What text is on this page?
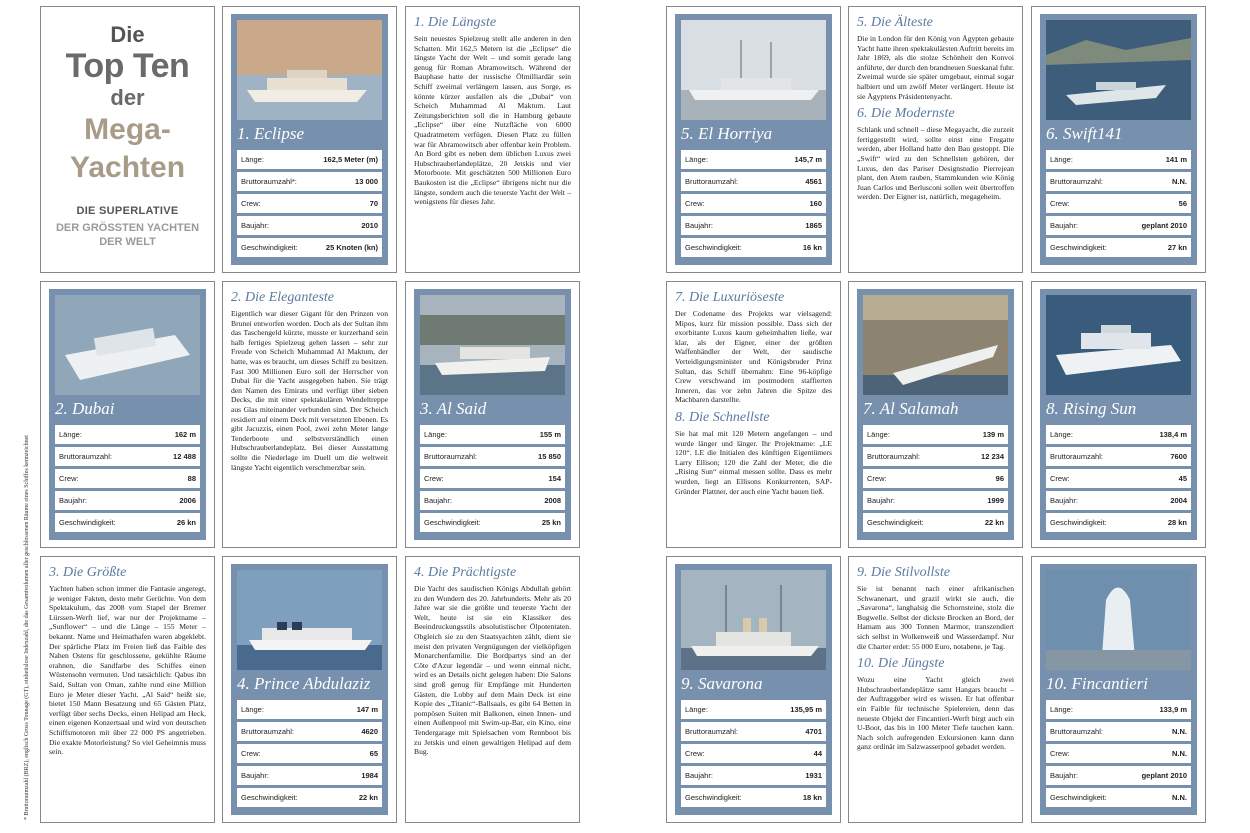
Die
Top Ten
der
Mega-
Yachten
DIE SUPERLATIVE
DER GRÖSSTEN YACHTEN
DER WELT
1. Eclipse
Länge:	162,5 Meter (m)
Bruttoraumzahl*:	13 000
Crew:	70
Baujahr:	2010
Geschwindigkeit:	25 Knoten (kn)
1. Die Längste
Sein neuestes Spielzeug stellt alle anderen in den Schatten. Mit 162,5 Metern ist die „Eclipse“ die längste Yacht der Welt – und somit gerade lang genug für Roman Abramowitsch. Während der Bauphase hatte der russische Ölmilliardär sein Schiff zweimal verlängern lassen, aus Sorge, es könnte kürzer ausfallen als die „Dubai“ von Scheich Muhammad Al Maktum. Laut Zeitungsberichten soll die in Hamburg gebaute „Eclipse“ über eine Nutzfläche von 6000 Quadratmetern verfügen. Diesen Platz zu füllen war für Abramowitsch aber offenbar kein Problem. An Bord gibt es neben dem üblichen Luxus zwei Hubschrauberlandeplätze, 20 Jetskis und vier Motorboote. Mit geschätzten 500 Millionen Euro Baukosten ist die „Eclipse“ übrigens nicht nur die längste, sondern auch die teuerste Yacht der Welt – wenigstens für dieses Jahr.
5. El Horriya
Länge:	145,7 m
Bruttoraumzahl:	4561
Crew:	160
Baujahr:	1865
Geschwindigkeit:	16 kn
5. Die Älteste
Die in London für den König von Ägypten gebaute Yacht hatte ihren spektakulärsten Auftritt bereits im Jahr 1869, als die stolze Schönheit den Konvoi anführte, der durch den brandneuen Sueskanal fuhr. Zweimal wurde sie später umgebaut, einmal sogar halbiert und um zwölf Meter verlängert. Heute ist sie Ägyptens Präsidentenyacht.
6. Die Modernste
Schlank und schnell – diese Megayacht, die zurzeit fertiggestellt wird, sollte einst eine Fregatte werden, aber Holland hatte den Bau gestoppt. Die „Swift“ wird zu den Schnellsten gehören, der Luxus, den das Pariser Designstudio Pierrejean plant, den Atem rauben, Stammkunden wie König Juan Carlos und Berlusconi sollen weit übertroffen werden. Der Eigner ist, natürlich, megageheim.
6. Swift141
Länge:	141 m
Bruttoraumzahl:	N.N.
Crew:	56
Baujahr:	geplant 2010
Geschwindigkeit:	27 kn
2. Dubai
Länge:	162 m
Bruttoraumzahl:	12 488
Crew:	88
Baujahr:	2006
Geschwindigkeit:	26 kn
2. Die Eleganteste
Eigentlich war dieser Gigant für den Prinzen von Brunei entworfen worden. Doch als der Sultan ihm das Taschengeld kürzte, musste er kurzerhand sein halb fertiges Spielzeug gehen lassen – sehr zur Freude von Scheich Muhammad Al Maktum, der hatte, was es braucht, um dieses Schiff zu besitzen. Fast 300 Millionen Euro soll der Herrscher von Dubai für die Yacht ausgegeben haben. Sie trägt den Namen des Emirats und verfügt über sieben Decks, die mit einer spektakulären Wendeltreppe aus Glas miteinander verbunden sind. Der Scheich residiert auf einem Deck mit versetzten Ebenen. Es gibt Jacuzzis, einen Pool, zwei zehn Meter lange Tenderboote und selbstverständlich einen Hubschrauberlandeplatz. Bei dieser Ausstattung sollte die Niederlage im Duell um die weltweit längste Yacht eigentlich verschmerzbar sein.
3. Al Said
Länge:	155 m
Bruttoraumzahl:	15 850
Crew:	154
Baujahr:	2008
Geschwindigkeit:	25 kn
7. Die Luxuriöseste
Der Codename des Projekts war vielsagend: Mipos, kurz für mission possible. Dass sich der exorbitante Luxus kaum geheimhalten ließe, war klar, als der Eigner, einer der größten Waffenhändler der Welt, der saudische Verteidigungsminister und Königsbruder Prinz Sultan, das Schiff übernahm: Eine 96-köpfige Crew verschwand im postmodern staffierten Inneren, das vor zehn Jahren die Spitze des Machbaren darstellte.
8. Die Schnellste
Sie hat mal mit 120 Metern angefangen – und wurde länger und länger. Ihr Projektname: „LE 120“. LE die Initialen des künftigen Eigentümers Larry Ellison; 120 die Zahl der Meter, die die „Rising Sun“ einmal messen sollte. Dass es mehr wurden, liegt an Ellisons Konkurrenten, SAP-Gründer Plattner, der auch eine Yacht bauen ließ.
7. Al Salamah
Länge:	139 m
Bruttoraumzahl:	12 234
Crew:	96
Baujahr:	1999
Geschwindigkeit:	22 kn
8. Rising Sun
Länge:	138,4 m
Bruttoraumzahl:	7600
Crew:	45
Baujahr:	2004
Geschwindigkeit:	28 kn
3. Die Größte
Yachten haben schon immer die Fantasie angeregt, je weniger Fakten, desto mehr Gerüchte. Von dem Spektakulum, das 2008 vom Stapel der Bremer Lürssen-Werft lief, war nur der Projektname – „Sunflower“ – und die Länge – 155 Meter – bekannt. Name und Heimathafen waren abgeklebt. Der spärliche Platz im Freien ließ das Faible des Nahen Ostens für geschlossene, gekühlte Räume erahnen, die Sandfarbe des Schiffes einen Wüstensohn vermuten. Und tatsächlich: Qabus ibn Said, Sultan von Oman, zahlte rund eine Million Euro je Meter dieser Yacht. „Al Said“ heißt sie, bietet 150 Mann Besatzung und 65 Gästen Platz, verfügt über sechs Decks, einen Helipad am Heck, einen eigenen Konzertsaal und wird von deutschen Schiffsmotoren mit über 22 000 PS angetrieben. Die exakte Motorleistung? So viel Geheimnis muss sein.
4. Prince Abdulaziz
Länge:	147 m
Bruttoraumzahl:	4620
Crew:	65
Baujahr:	1984
Geschwindigkeit:	22 kn
4. Die Prächtigste
Die Yacht des saudischen Königs Abdullah gehört zu den Wundern des 20. Jahrhunderts. Mehr als 20 Jahre war sie die größte und teuerste Yacht der Welt, heute ist sie ein Klassiker des Beeindruckungsstils absolutistischer Ölpotentaten. Obgleich sie zu den Staatsyachten zählt, dient sie meist den privaten Vergnügungen der vielköpfigen Monarchenfamilie. Die Bordpartys sind an der Côte d'Azur legendär – und wenn einmal nicht, wird es an Details nicht gelegen haben: Die Salons sind groß genug für Empfänge mit Hunderten Gästen, die Lobby auf dem Main Deck ist eine Kopie des „Titanic“-Ballsaals, es gibt 64 Betten in pompösen Suiten mit Balkonen, einen Innen- und einen Außenpool mit Swim-up-Bar, ein Kino, eine Tendergarage mit Spielsachen vom Rennboot bis zu Jetskis und einen gewaltigen Helipad auf dem Bug.
9. Savarona
Länge:	135,95 m
Bruttoraumzahl:	4701
Crew:	44
Baujahr:	1931
Geschwindigkeit:	18 kn
9. Die Stilvollste
Sie ist benannt nach einer afrikanischen Schwanenart, und grazil wirkt sie auch, die „Savarona“, langhalsig die Schornsteine, stolz die Bugwelle. Selbst der dickste Brocken an Bord, der Hamam aus 300 Tonnen Marmor, transzendiert sich selbst in Wolkenweiß und Wasserdampf. Nur die Charter erdet: 55 000 Euro, notabene, je Tag.
10. Die Jüngste
Wozu eine Yacht gleich zwei Hubschrauberlandeplätze samt Hangars braucht – der Auftraggeber wird es wissen. Er hat offenbar ein Faible für technische Spielereien, denn das neueste Objekt der Fincantieri-Werft birgt auch ein U-Boot, das bis in 100 Meter Tiefe tauchen kann. Nach solch aufregenden Exkursionen kann dann ganz ordinär im Salzwasserpool gebadet werden.
10. Fincantieri
Länge:	133,9 m
Bruttoraumzahl:	N.N.
Crew:	N.N.
Baujahr:	geplant 2010
Geschwindigkeit:	N.N.
* Bruttoraumzahl (BRZ), englisch Gross Tonnage (GT), einheitslose Indexzahl, die das Gesamtvolumen aller geschlossenen Räume eines Schiffes kennzeichnet
